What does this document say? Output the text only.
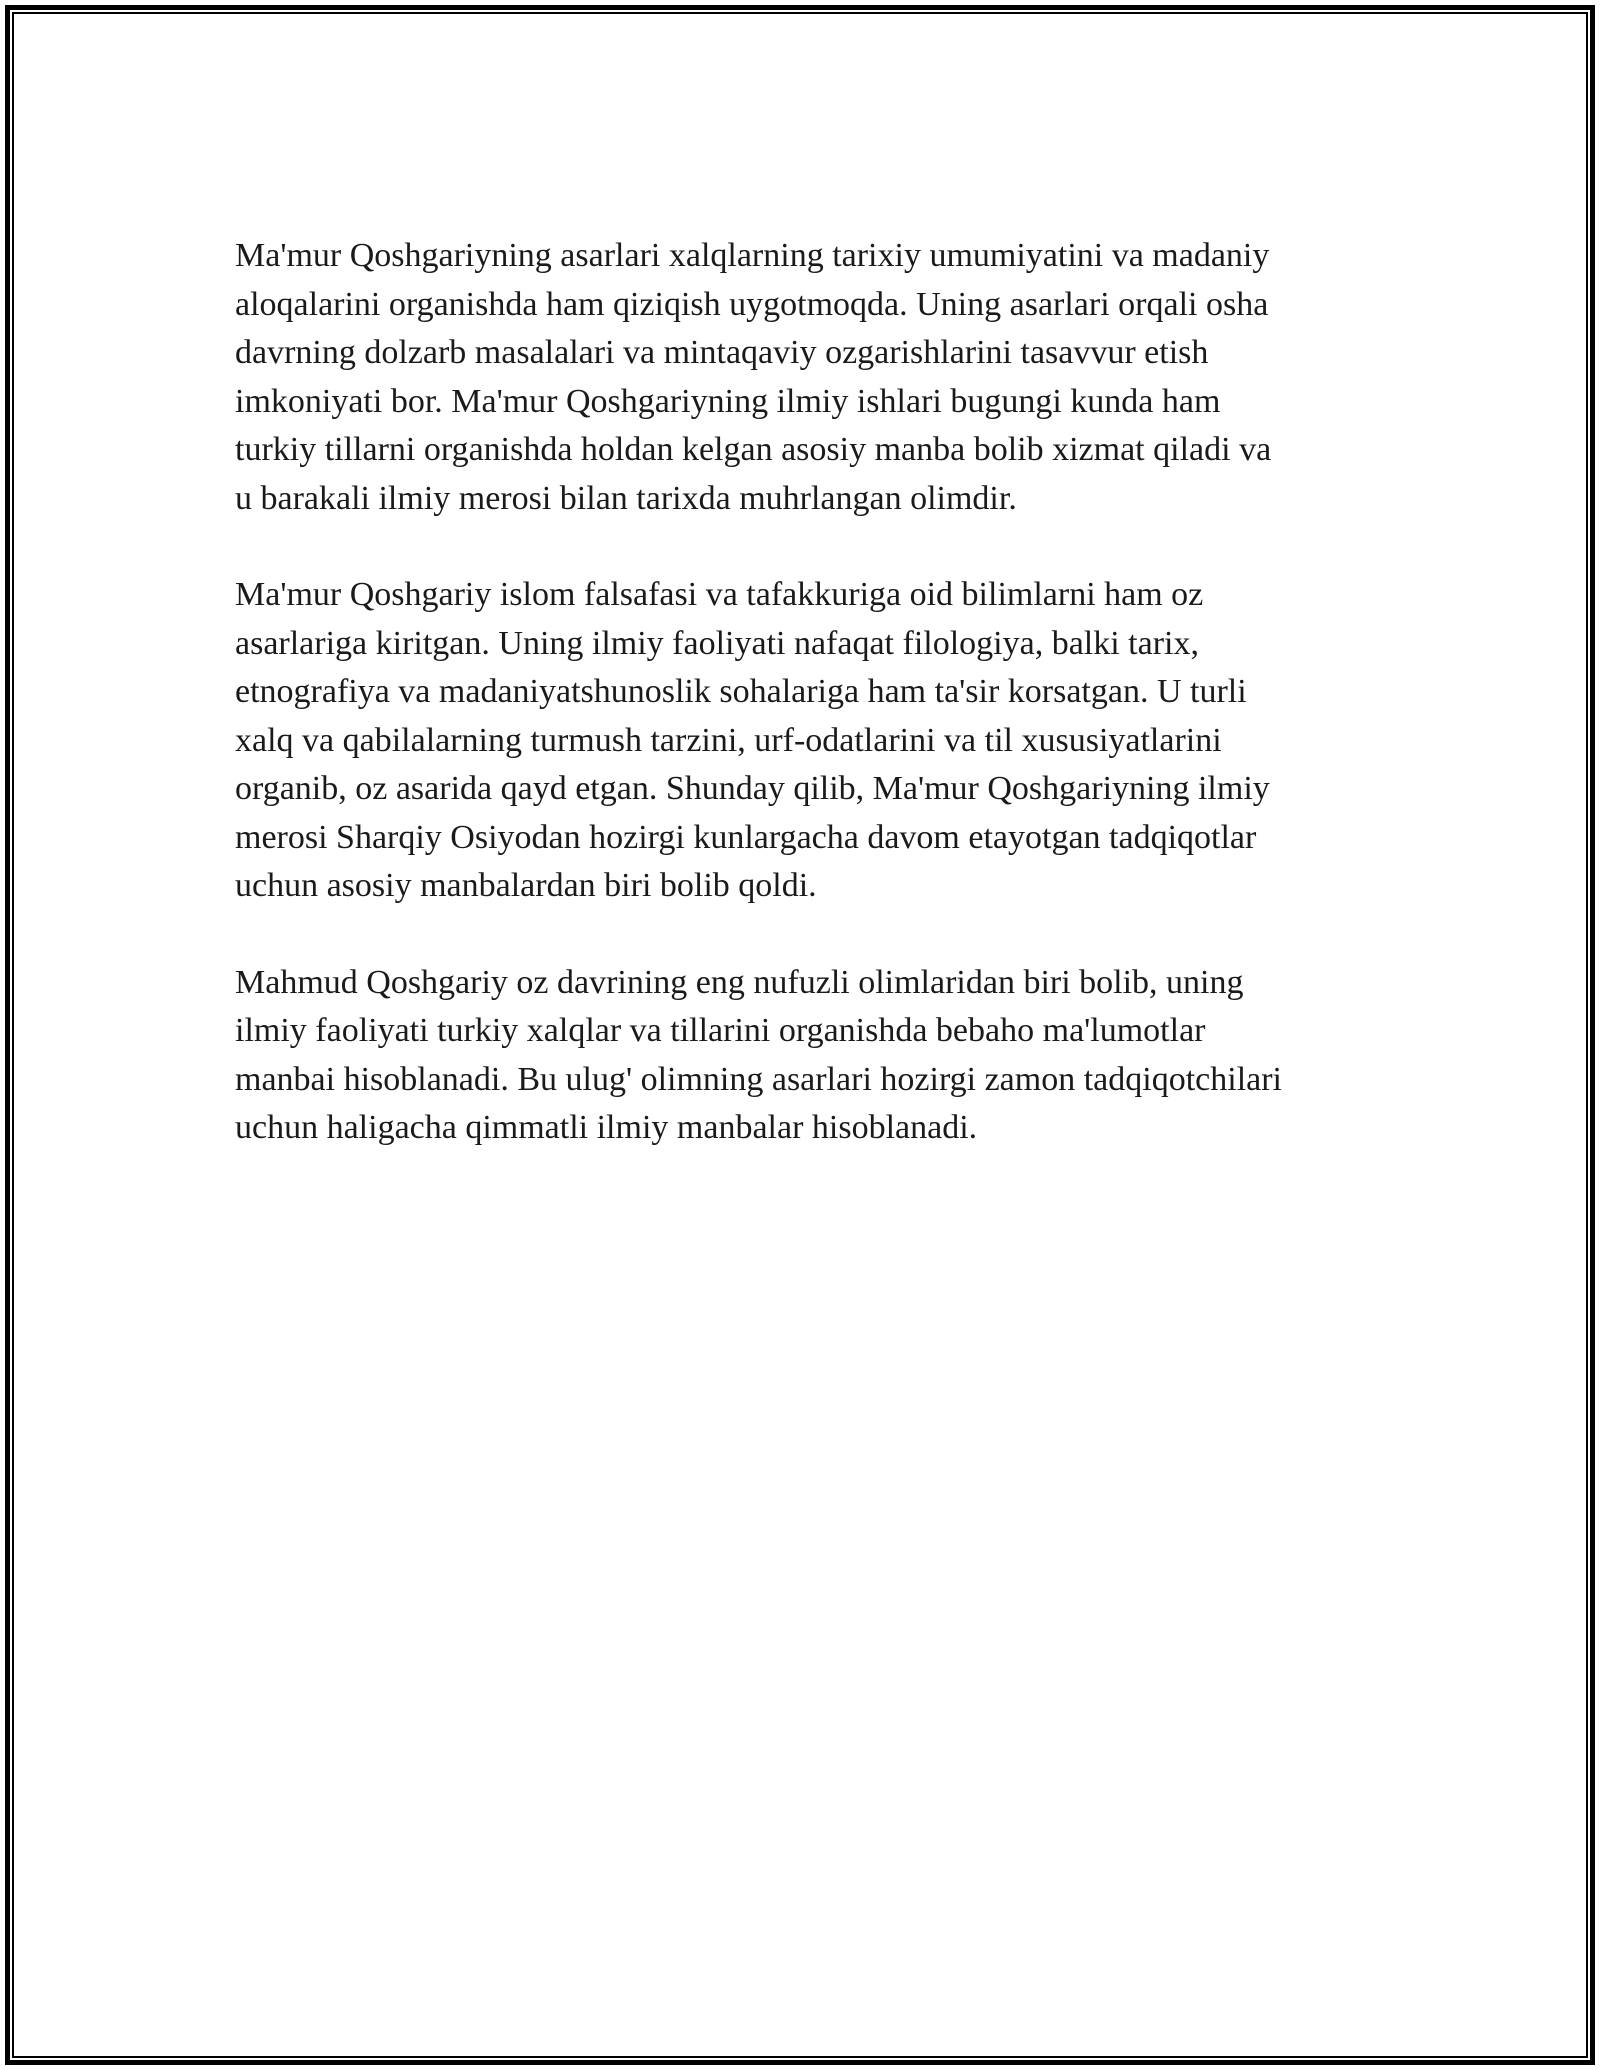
Ma'mur Qoshgariyning asarlari xalqlarning tarixiy umumiyatini va madaniy
aloqalarini organishda ham qiziqish uygotmoqda. Uning asarlari orqali osha
davrning dolzarb masalalari va mintaqaviy ozgarishlarini tasavvur etish
imkoniyati bor. Ma'mur Qoshgariyning ilmiy ishlari bugungi kunda ham
turkiy tillarni organishda holdan kelgan asosiy manba bolib xizmat qiladi va
u barakali ilmiy merosi bilan tarixda muhrlangan olimdir.

Ma'mur Qoshgariy islom falsafasi va tafakkuriga oid bilimlarni ham oz
asarlariga kiritgan. Uning ilmiy faoliyati nafaqat filologiya, balki tarix,
etnografiya va madaniyatshunoslik sohalariga ham ta'sir korsatgan. U turli
xalq va qabilalarning turmush tarzini, urf-odatlarini va til xususiyatlarini
organib, oz asarida qayd etgan. Shunday qilib, Ma'mur Qoshgariyning ilmiy
merosi Sharqiy Osiyodan hozirgi kunlargacha davom etayotgan tadqiqotlar
uchun asosiy manbalardan biri bolib qoldi.

Mahmud Qoshgariy oz davrining eng nufuzli olimlaridan biri bolib, uning
ilmiy faoliyati turkiy xalqlar va tillarini organishda bebaho ma'lumotlar
manbai hisoblanadi. Bu ulug' olimning asarlari hozirgi zamon tadqiqotchilari
uchun haligacha qimmatli ilmiy manbalar hisoblanadi.
